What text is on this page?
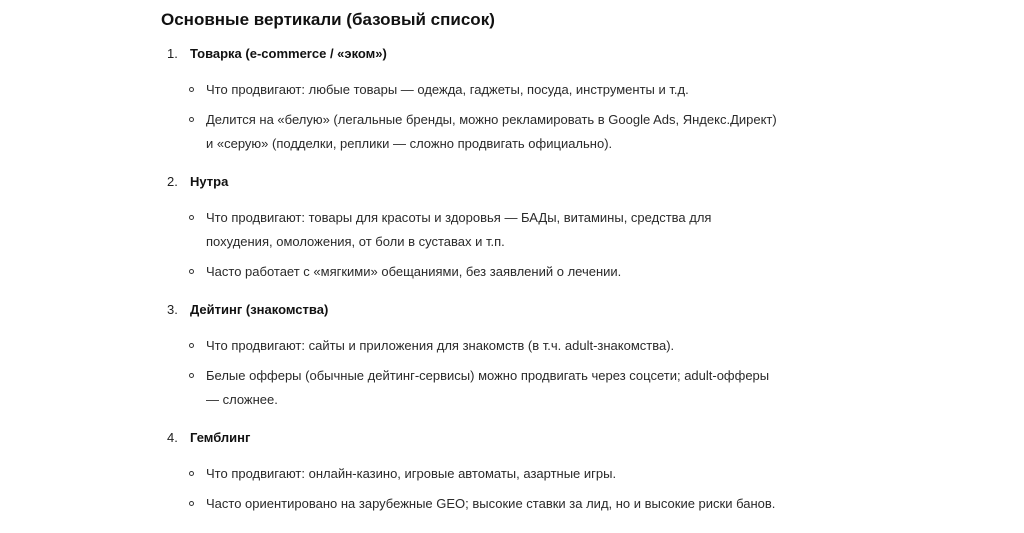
Основные вертикали (базовый список)
1. Товарка (e-commerce / «эком»)
Что продвигают: любые товары — одежда, гаджеты, посуда, инструменты и т.д.
Делится на «белую» (легальные бренды, можно рекламировать в Google Ads, Яндекс.Директ) и «серую» (подделки, реплики — сложно продвигать официально).
2. Нутра
Что продвигают: товары для красоты и здоровья — БАДы, витамины, средства для похудения, омоложения, от боли в суставах и т.п.
Часто работает с «мягкими» обещаниями, без заявлений о лечении.
3. Дейтинг (знакомства)
Что продвигают: сайты и приложения для знакомств (в т.ч. adult-знакомства).
Белые офферы (обычные дейтинг-сервисы) можно продвигать через соцсети; adult-офферы — сложнее.
4. Гемблинг
Что продвигают: онлайн-казино, игровые автоматы, азартные игры.
Часто ориентировано на зарубежные GEO; высокие ставки за лид, но и высокие риски банов.
